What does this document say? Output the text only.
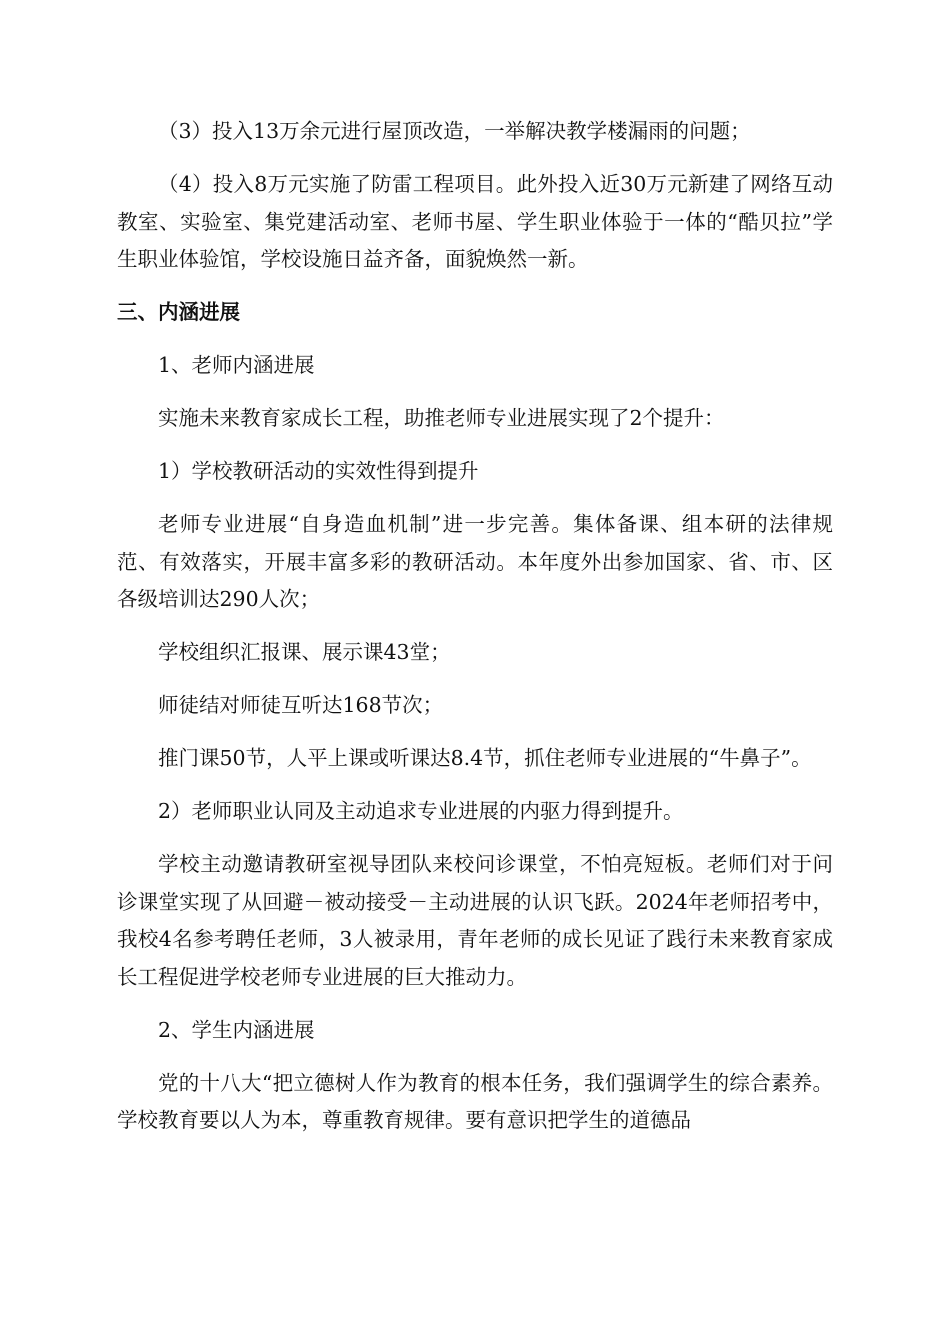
（3）投入13万余元进行屋顶改造，一举解决教学楼漏雨的问题；

（4）投入8万元实施了防雷工程项目。此外投入近30万元新建了网络互动教室、实验室、集党建活动室、老师书屋、学生职业体验于一体的“酷贝拉”学生职业体验馆，学校设施日益齐备，面貌焕然一新。

三、内涵进展

1、老师内涵进展

实施未来教育家成长工程，助推老师专业进展实现了2个提升：

1）学校教研活动的实效性得到提升

老师专业进展“自身造血机制”进一步完善。集体备课、组本研的法律规范、有效落实，开展丰富多彩的教研活动。本年度外出参加国家、省、市、区各级培训达290人次；

学校组织汇报课、展示课43堂；

师徒结对师徒互听达168节次；

推门课50节，人平上课或听课达8.4节，抓住老师专业进展的“牛鼻子”。

2）老师职业认同及主动追求专业进展的内驱力得到提升。

学校主动邀请教研室视导团队来校问诊课堂，不怕亮短板。老师们对于问诊课堂实现了从回避－被动接受－主动进展的认识飞跃。2024年老师招考中，我校4名参考聘任老师，3人被录用，青年老师的成长见证了践行未来教育家成长工程促进学校老师专业进展的巨大推动力。

2、学生内涵进展

党的十八大“把立德树人作为教育的根本任务，我们强调学生的综合素养。学校教育要以人为本，尊重教育规律。要有意识把学生的道德品
